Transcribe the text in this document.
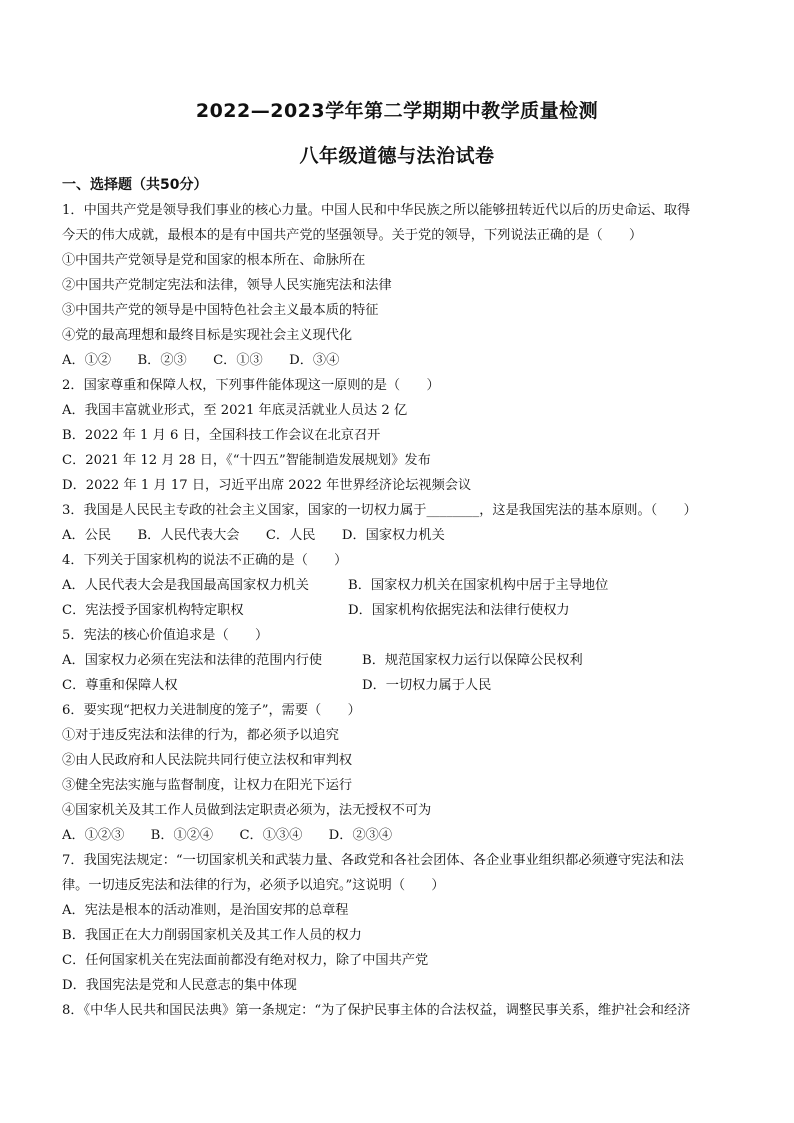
2022—2023学年第二学期期中教学质量检测
八年级道德与法治试卷
一、选择题（共50分）
1．中国共产党是领导我们事业的核心力量。中国人民和中华民族之所以能够扭转近代以后的历史命运、取得
今天的伟大成就，最根本的是有中国共产党的坚强领导。关于党的领导，下列说法正确的是（　　）
①中国共产党领导是党和国家的根本所在、命脉所在
②中国共产党制定宪法和法律，领导人民实施宪法和法律
③中国共产党的领导是中国特色社会主义最本质的特征
④党的最高理想和最终目标是实现社会主义现代化
A．①②　　B．②③　　C．①③　　D．③④
2．国家尊重和保障人权，下列事件能体现这一原则的是（　　）
A．我国丰富就业形式，至 2021 年底灵活就业人员达 2 亿
B．2022 年 1 月 6 日，全国科技工作会议在北京召开
C．2021 年 12 月 28 日，《“十四五”智能制造发展规划》发布
D．2022 年 1 月 17 日，习近平出席 2022 年世界经济论坛视频会议
3．我国是人民民主专政的社会主义国家，国家的一切权力属于________，这是我国宪法的基本原则。（　　）
A．公民　　B．人民代表大会　　C．人民　　D．国家权力机关
4．下列关于国家机构的说法不正确的是（　　）
A．人民代表大会是我国最高国家权力机关	B．国家权力机关在国家机构中居于主导地位
C．宪法授予国家机构特定职权	D．国家机构依据宪法和法律行使权力
5．宪法的核心价值追求是（　　）
A．国家权力必须在宪法和法律的范围内行使	B．规范国家权力运行以保障公民权利
C．尊重和保障人权	D．一切权力属于人民
6．要实现“把权力关进制度的笼子”，需要（　　）
①对于违反宪法和法律的行为，都必须予以追究
②由人民政府和人民法院共同行使立法权和审判权
③健全宪法实施与监督制度，让权力在阳光下运行
④国家机关及其工作人员做到法定职责必须为，法无授权不可为
A．①②③　　B．①②④　　C．①③④　　D．②③④
7．我国宪法规定：“一切国家机关和武装力量、各政党和各社会团体、各企业事业组织都必须遵守宪法和法
律。一切违反宪法和法律的行为，必须予以追究。”这说明（　　）
A．宪法是根本的活动准则，是治国安邦的总章程
B．我国正在大力削弱国家机关及其工作人员的权力
C．任何国家机关在宪法面前都没有绝对权力，除了中国共产党
D．我国宪法是党和人民意志的集中体现
8．《中华人民共和国民法典》第一条规定：“为了保护民事主体的合法权益，调整民事关系，维护社会和经济
